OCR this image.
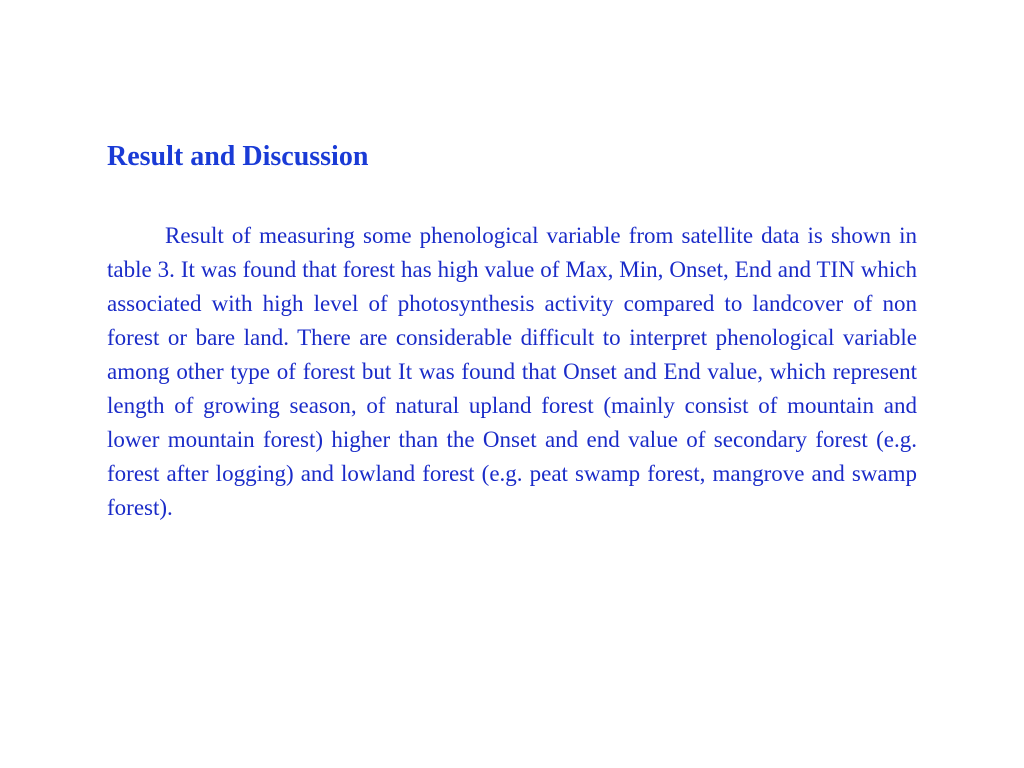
Result and Discussion

Result of measuring some phenological variable from satellite data is shown in table 3. It was found that forest has high value of Max, Min, Onset, End and TIN which associated with high level of photosynthesis activity compared to landcover of non forest or bare land. There are considerable difficult to interpret phenological variable among other type of forest but It was found that Onset and End value, which represent length of growing season, of natural upland forest (mainly consist of mountain and lower mountain forest) higher than the Onset and end value of secondary forest (e.g. forest after logging) and lowland forest (e.g. peat swamp forest, mangrove and swamp forest).
